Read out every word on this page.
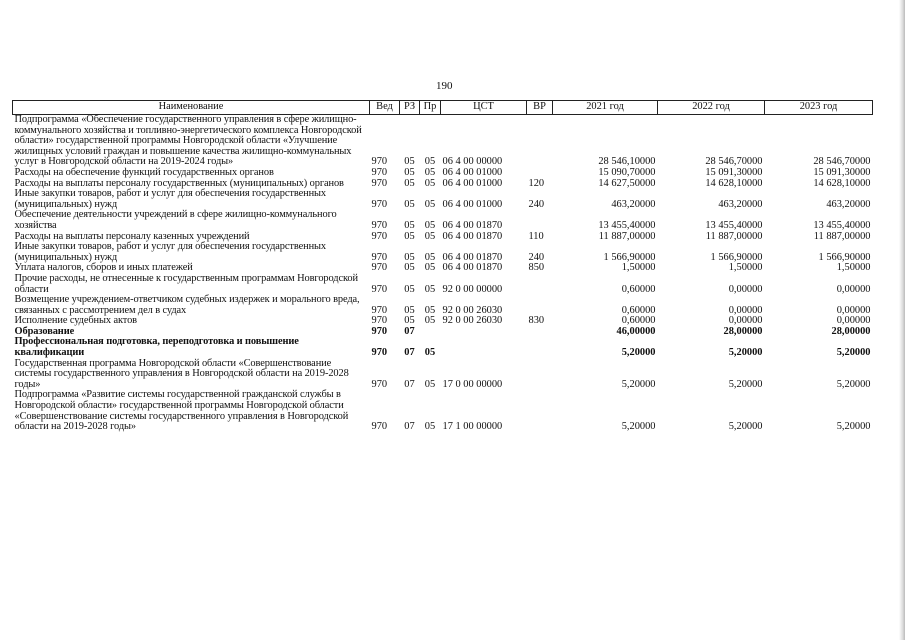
190
Наименование	Вед	РЗ	Пр	ЦСТ	ВР	2021 год	2022 год	2023 год
Подпрограмма «Обеспечение государственного управления в сфере жилищно-коммунального хозяйства и топливно-энергетического комплекса Новгородской области» государственной программы Новгородской области «Улучшение жилищных условий граждан и повышение качества жилищно-коммунальных услуг в Новгородской области на 2019-2024 годы»	970	05	05	06 4 00 00000		28 546,10000	28 546,70000	28 546,70000
Расходы на обеспечение функций государственных органов	970	05	05	06 4 00 01000		15 090,70000	15 091,30000	15 091,30000
Расходы на выплаты персоналу государственных (муниципальных) органов	970	05	05	06 4 00 01000	120	14 627,50000	14 628,10000	14 628,10000
Иные закупки товаров, работ и услуг для обеспечения государственных (муниципальных) нужд	970	05	05	06 4 00 01000	240	463,20000	463,20000	463,20000
Обеспечение деятельности учреждений в сфере жилищно-коммунального хозяйства	970	05	05	06 4 00 01870		13 455,40000	13 455,40000	13 455,40000
Расходы на выплаты персоналу казенных учреждений	970	05	05	06 4 00 01870	110	11 887,00000	11 887,00000	11 887,00000
Иные закупки товаров, работ и услуг для обеспечения государственных (муниципальных) нужд	970	05	05	06 4 00 01870	240	1 566,90000	1 566,90000	1 566,90000
Уплата налогов, сборов и иных платежей	970	05	05	06 4 00 01870	850	1,50000	1,50000	1,50000
Прочие расходы, не отнесенные к государственным программам Новгородской области	970	05	05	92 0 00 00000		0,60000	0,00000	0,00000
Возмещение учреждением-ответчиком судебных издержек и морального вреда, связанных с рассмотрением дел в судах	970	05	05	92 0 00 26030		0,60000	0,00000	0,00000
Исполнение судебных актов	970	05	05	92 0 00 26030	830	0,60000	0,00000	0,00000
Образование	970	07				46,00000	28,00000	28,00000
Профессиональная подготовка, переподготовка и повышение квалификации	970	07	05			5,20000	5,20000	5,20000
Государственная программа Новгородской области «Совершенствование системы государственного управления в Новгородской области на 2019-2028 годы»	970	07	05	17 0 00 00000		5,20000	5,20000	5,20000
Подпрограмма «Развитие системы государственной гражданской службы в Новгородской области» государственной программы Новгородской области «Совершенствование системы государственного управления в Новгородской области на 2019-2028 годы»	970	07	05	17 1 00 00000		5,20000	5,20000	5,20000
